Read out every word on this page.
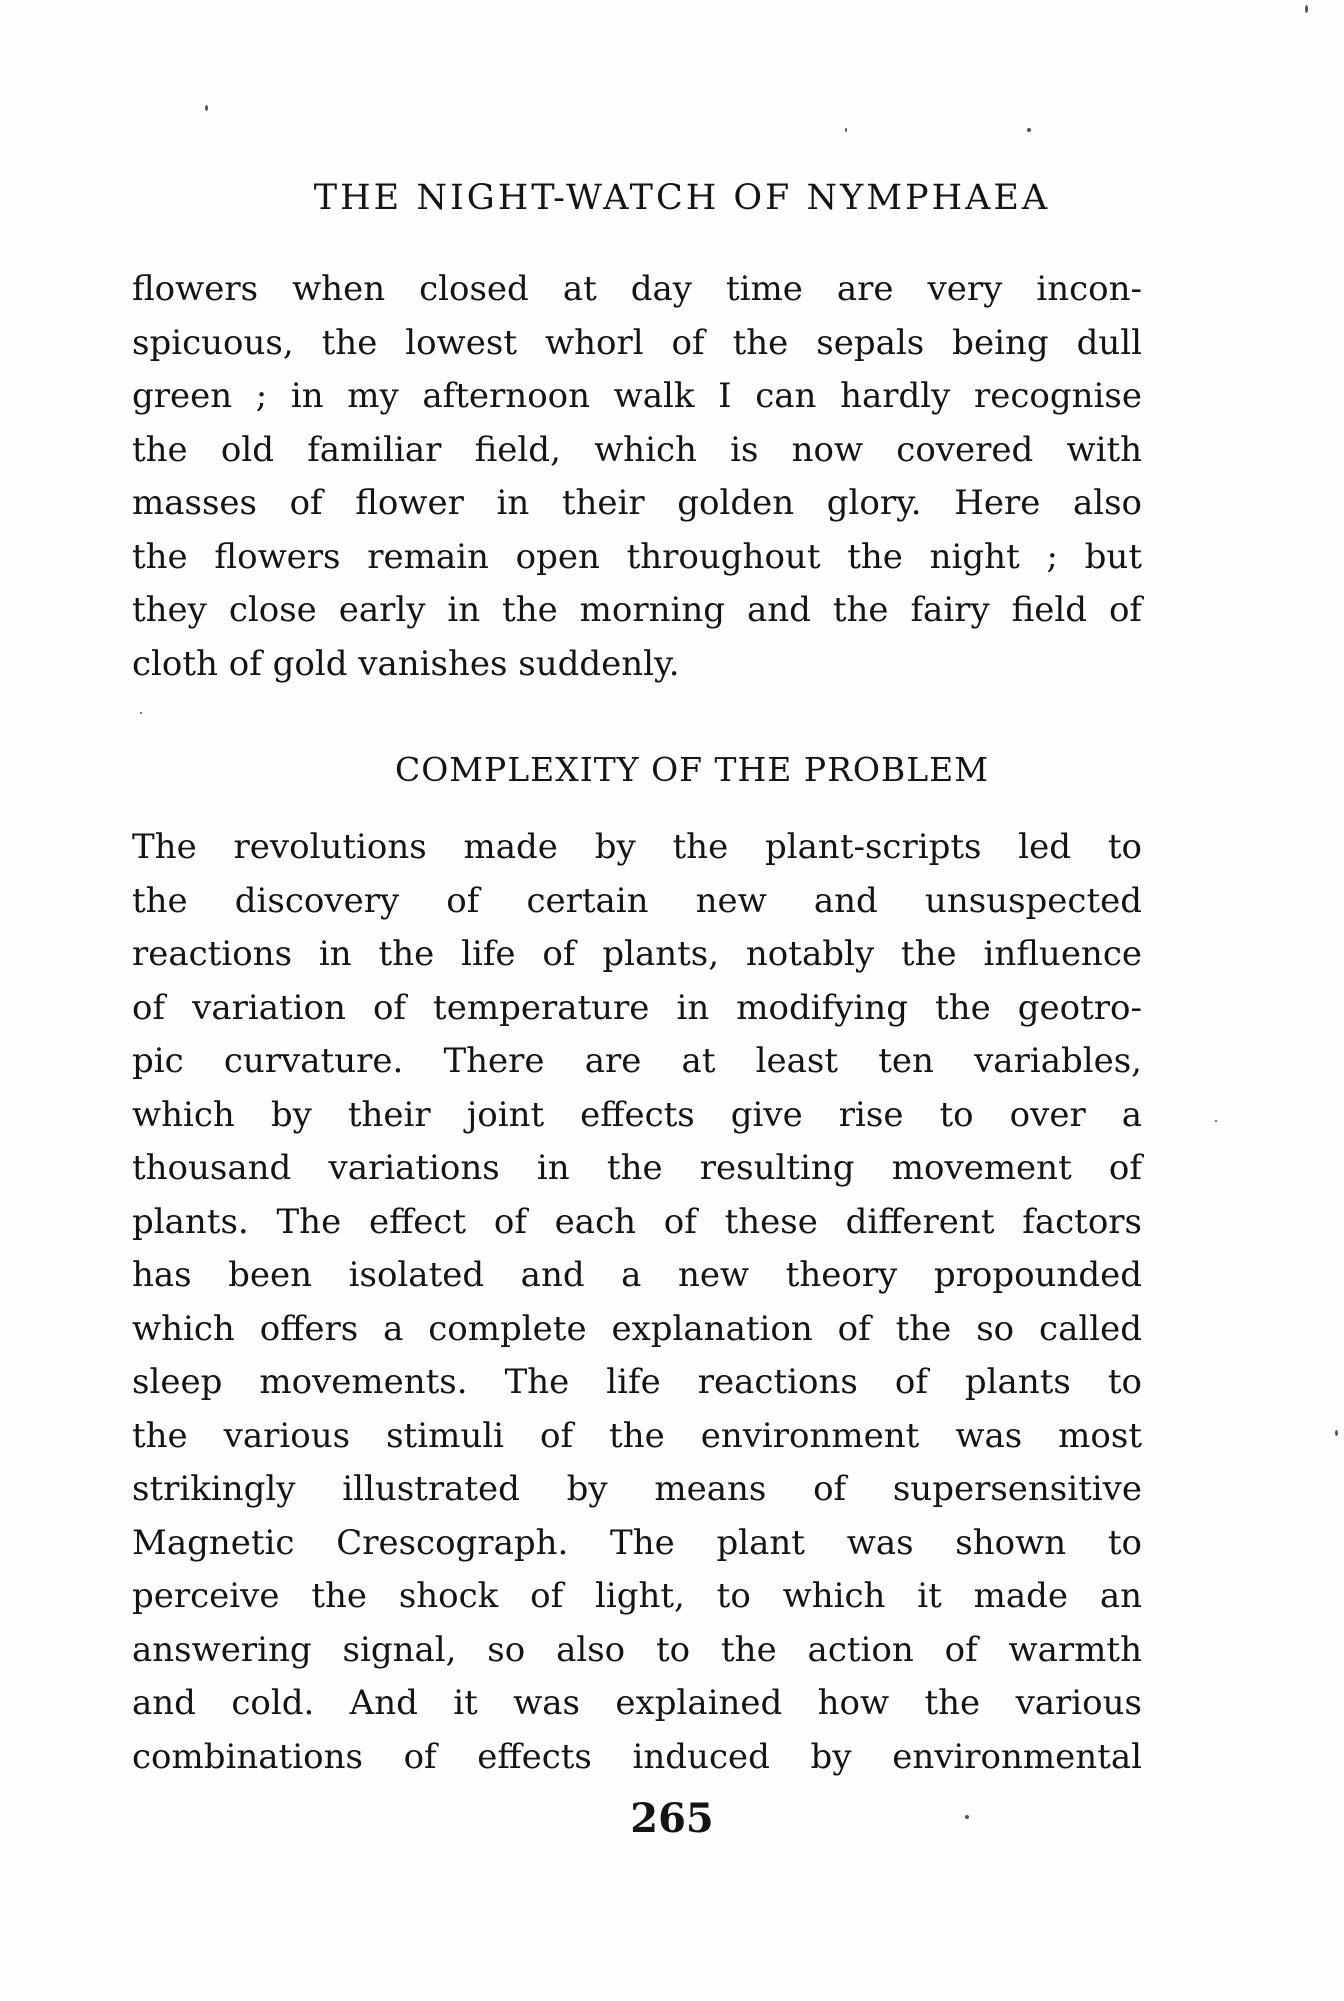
THE NIGHT-WATCH OF NYMPHAEA
flowers when closed at day time are very incon-
spicuous, the lowest whorl of the sepals being dull
green ; in my afternoon walk I can hardly recognise
the old familiar field, which is now covered with
masses of flower in their golden glory. Here also
the flowers remain open throughout the night ; but
they close early in the morning and the fairy field of
cloth of gold vanishes suddenly.
COMPLEXITY OF THE PROBLEM
The revolutions made by the plant-scripts led to
the discovery of certain new and unsuspected
reactions in the life of plants, notably the influence
of variation of temperature in modifying the geotro-
pic curvature. There are at least ten variables,
which by their joint effects give rise to over a
thousand variations in the resulting movement of
plants. The effect of each of these different factors
has been isolated and a new theory propounded
which offers a complete explanation of the so called
sleep movements. The life reactions of plants to
the various stimuli of the environment was most
strikingly illustrated by means of supersensitive
Magnetic Crescograph. The plant was shown to
perceive the shock of light, to which it made an
answering signal, so also to the action of warmth
and cold. And it was explained how the various
combinations of effects induced by environmental
265
